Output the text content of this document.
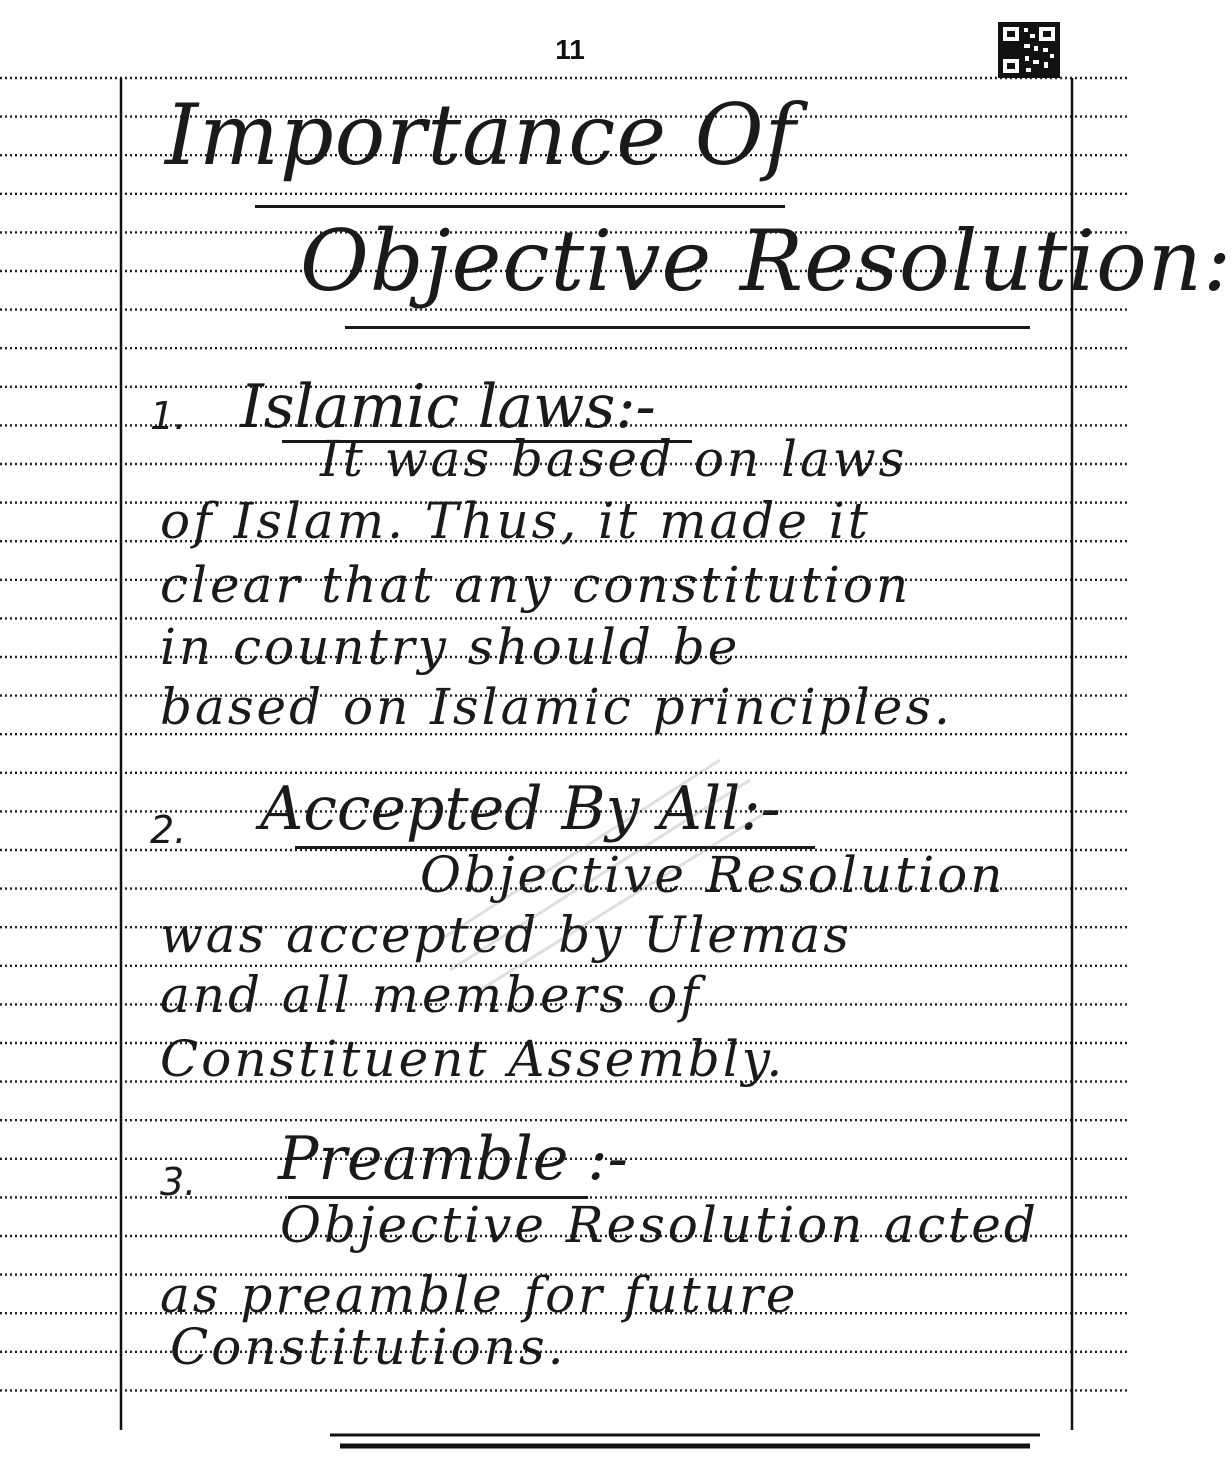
11
Importance Of
Objective Resolution:
1. Islamic laws:-
It was based on laws
of Islam. Thus, it made it
clear that any constitution
in country should be
based on Islamic principles.
2. Accepted By All:-
Objective Resolution
was accepted by Ulemas
and all members of
Constituent Assembly.
3. Preamble :-
Objective Resolution acted
as preamble for future
Constitutions.
